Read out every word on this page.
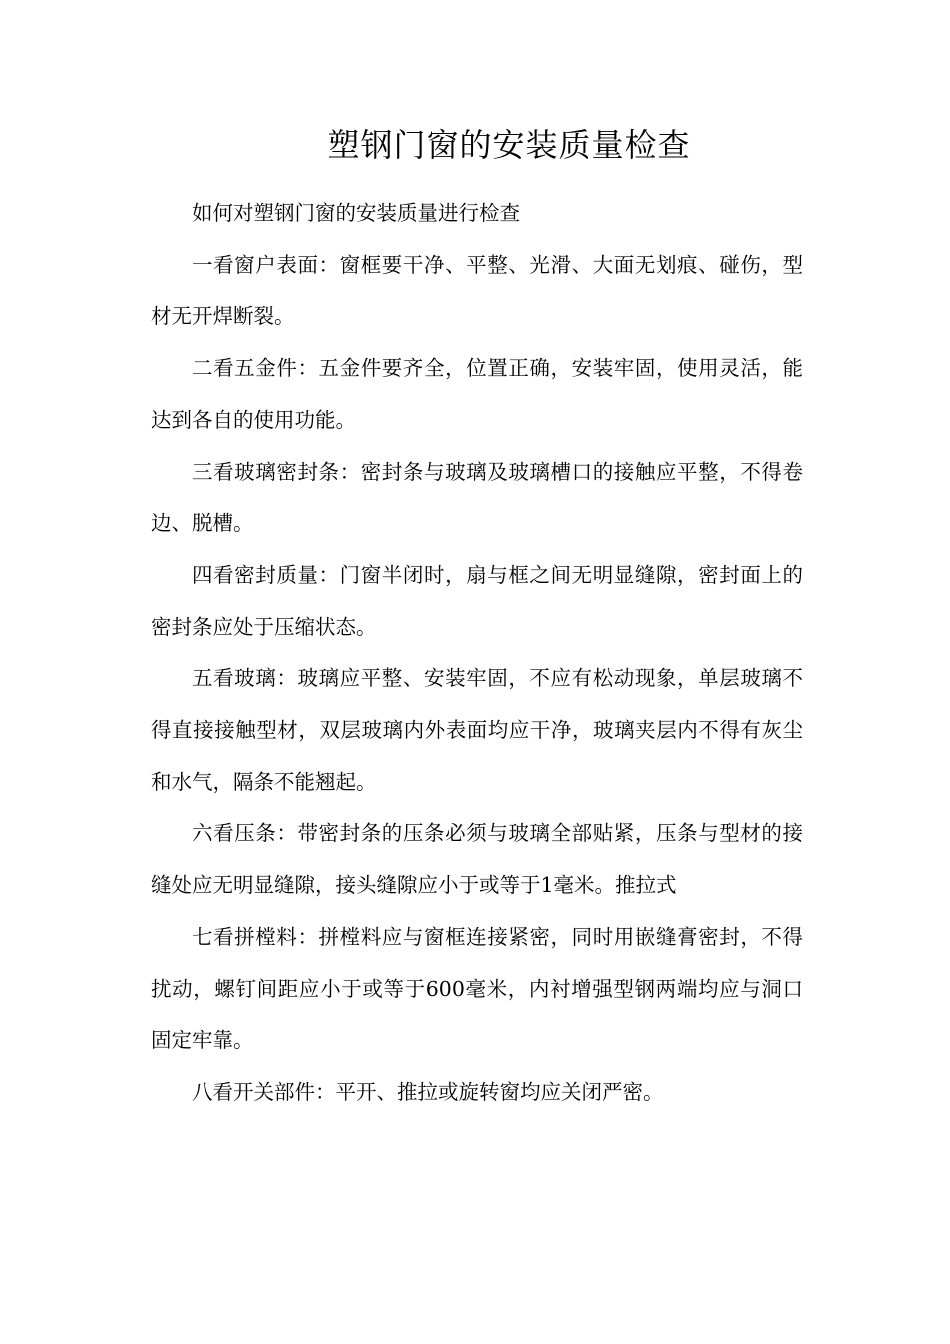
塑钢门窗的安装质量检查

如何对塑钢门窗的安装质量进行检查

一看窗户表面：窗框要干净、平整、光滑、大面无划痕、碰伤，型材无开焊断裂。

二看五金件：五金件要齐全，位置正确，安装牢固，使用灵活，能达到各自的使用功能。

三看玻璃密封条：密封条与玻璃及玻璃槽口的接触应平整，不得卷边、脱槽。

四看密封质量：门窗半闭时，扇与框之间无明显缝隙，密封面上的密封条应处于压缩状态。

五看玻璃：玻璃应平整、安装牢固，不应有松动现象，单层玻璃不得直接接触型材，双层玻璃内外表面均应干净，玻璃夹层内不得有灰尘和水气，隔条不能翘起。

六看压条：带密封条的压条必须与玻璃全部贴紧，压条与型材的接缝处应无明显缝隙，接头缝隙应小于或等于1毫米。推拉式

七看拼樘料：拼樘料应与窗框连接紧密，同时用嵌缝膏密封，不得扰动，螺钉间距应小于或等于600毫米，内衬增强型钢两端均应与洞口固定牢靠。

八看开关部件：平开、推拉或旋转窗均应关闭严密。
